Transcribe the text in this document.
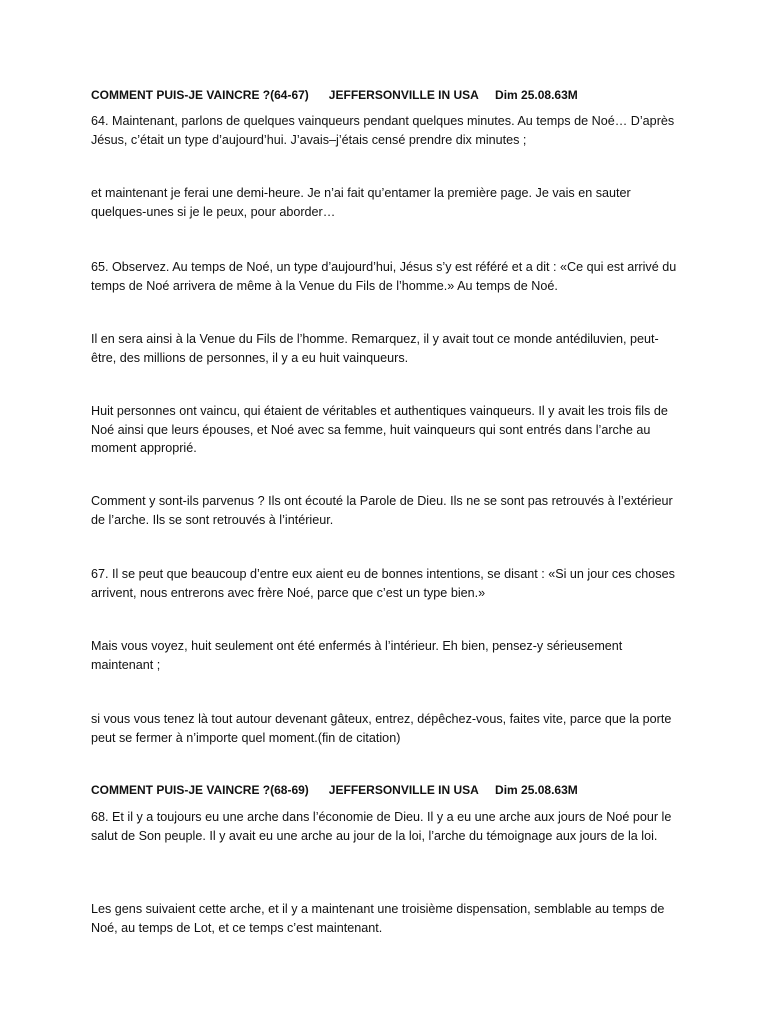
COMMENT PUIS-JE VAINCRE ?(64-67)      JEFFERSONVILLE IN USA     Dim 25.08.63M

64. Maintenant, parlons de quelques vainqueurs pendant quelques minutes. Au temps de Noé… D’après Jésus, c’était un type d’aujourd’hui. J’avais–j’étais censé prendre dix minutes ;

et maintenant je ferai une demi-heure. Je n’ai fait qu’entamer la première page. Je vais en sauter quelques-unes si je le peux, pour aborder…

65. Observez. Au temps de Noé, un type d’aujourd’hui, Jésus s’y est référé et a dit : «Ce qui est arrivé du temps de Noé arrivera de même à la Venue du Fils de l’homme.» Au temps de Noé.

Il en sera ainsi à la Venue du Fils de l’homme. Remarquez, il y avait tout ce monde antédiluvien, peut-être, des millions de personnes, il y a eu huit vainqueurs.

Huit personnes ont vaincu, qui étaient de véritables et authentiques vainqueurs. Il y avait les trois fils de Noé ainsi que leurs épouses, et Noé avec sa femme, huit vainqueurs qui sont entrés dans l’arche au moment approprié.

Comment y sont-ils parvenus ? Ils ont écouté la Parole de Dieu. Ils ne se sont pas retrouvés à l’extérieur de l’arche. Ils se sont retrouvés à l’intérieur.

67. Il se peut que beaucoup d’entre eux aient eu de bonnes intentions, se disant : «Si un jour ces choses arrivent, nous entrerons avec frère Noé, parce que c’est un type bien.»

Mais vous voyez, huit seulement ont été enfermés à l’intérieur. Eh bien, pensez-y sérieusement maintenant ;

si vous vous tenez là tout autour devenant gâteux, entrez, dépêchez-vous, faites vite, parce que la porte peut se fermer à n’importe quel moment.(fin de citation)

COMMENT PUIS-JE VAINCRE ?(68-69)      JEFFERSONVILLE IN USA     Dim 25.08.63M

68. Et il y a toujours eu une arche dans l’économie de Dieu. Il y a eu une arche aux jours de Noé pour le salut de Son peuple. Il y avait eu une arche au jour de la loi, l’arche du témoignage aux jours de la loi.

Les gens suivaient cette arche, et il y a maintenant une troisième dispensation, semblable au temps de Noé, au temps de Lot, et ce temps c’est maintenant.
